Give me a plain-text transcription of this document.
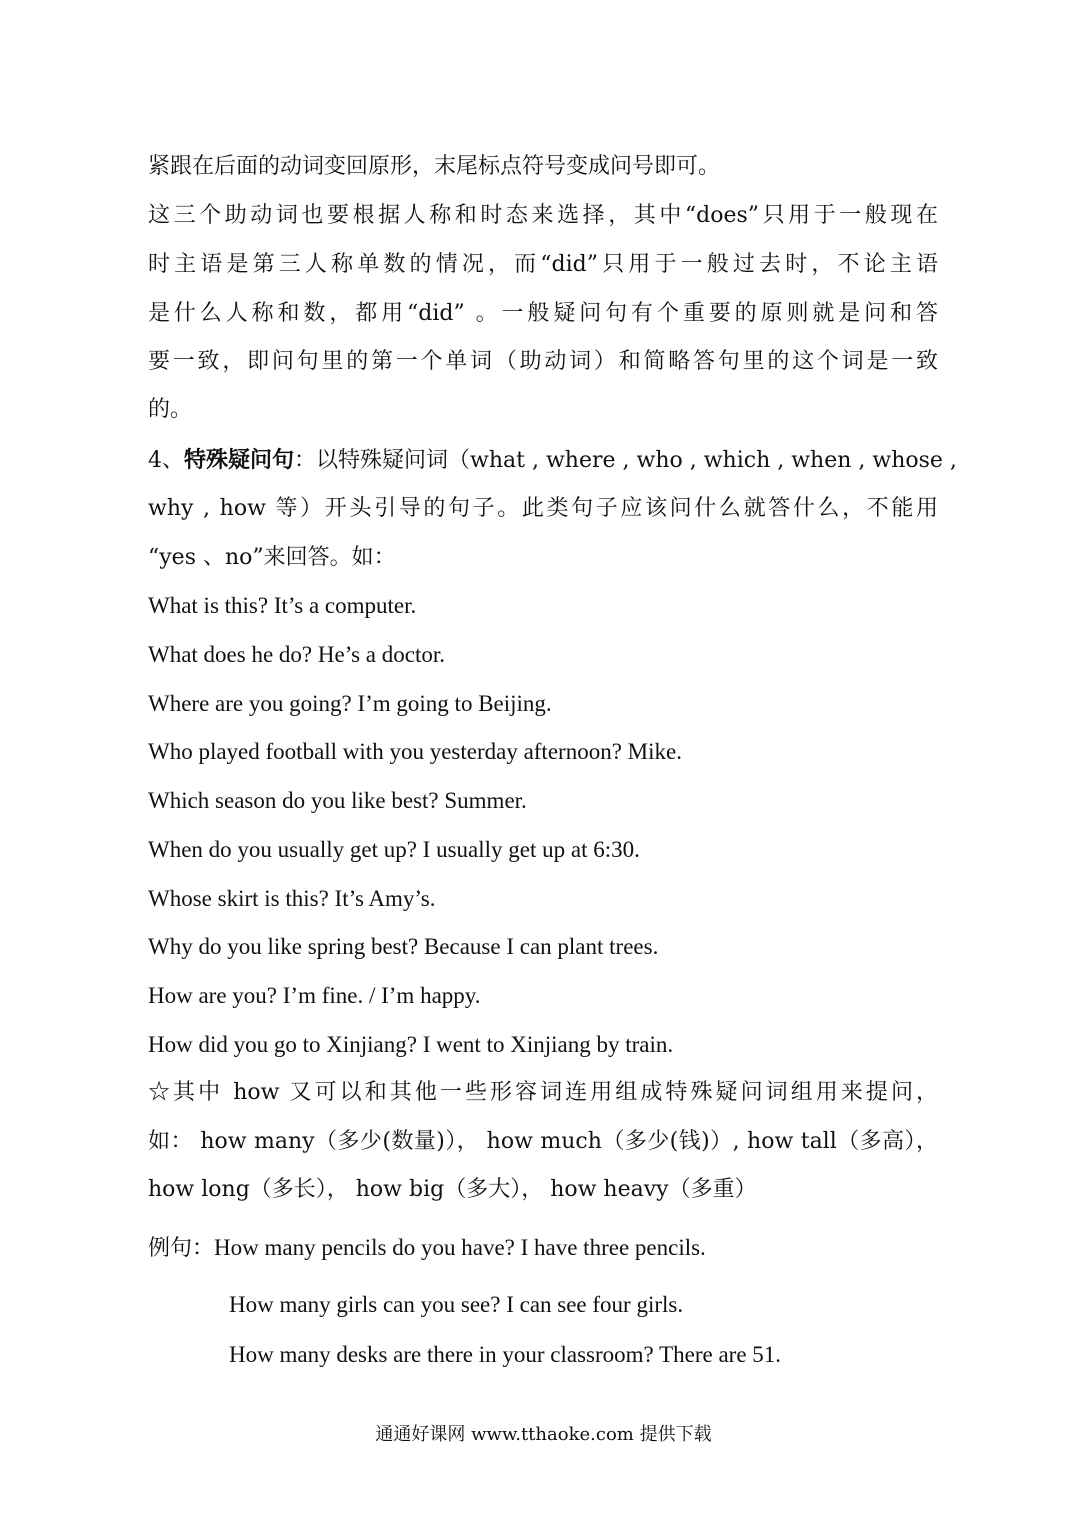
紧跟在后面的动词变回原形，末尾标点符号变成问号即可。
这三个助动词也要根据人称和时态来选择，其中“does”只用于一般现在
时主语是第三人称单数的情况，而“did”只用于一般过去时，不论主语
是什么人称和数，都用“did” 。一般疑问句有个重要的原则就是问和答
要一致，即问句里的第一个单词（助动词）和简略答句里的这个词是一致
的。
4、特殊疑问句：以特殊疑问词（what , where , who , which , when , whose ,
why , how 等）开头引导的句子。此类句子应该问什么就答什么，不能用
“yes 、no”来回答。如：
What is this? It’s a computer.
What does he do? He’s a doctor.
Where are you going? I’m going to Beijing.
Who played football with you yesterday afternoon? Mike.
Which season do you like best? Summer.
When do you usually get up? I usually get up at 6:30.
Whose skirt is this? It’s Amy’s.
Why do you like spring best? Because I can plant trees.
How are you? I’m fine. / I’m happy.
How did you go to Xinjiang? I went to Xinjiang by train.
☆其中 how 又可以和其他一些形容词连用组成特殊疑问词组用来提问，
如： how many（多少(数量)）， how much（多少(钱)）, how tall（多高），
how long（多长）， how big（多大）， how heavy（多重）
例句：How many pencils do you have? I have three pencils.
How many girls can you see? I can see four girls.
How many desks are there in your classroom? There are 51.
通通好课网 www.tthaoke.com 提供下载
